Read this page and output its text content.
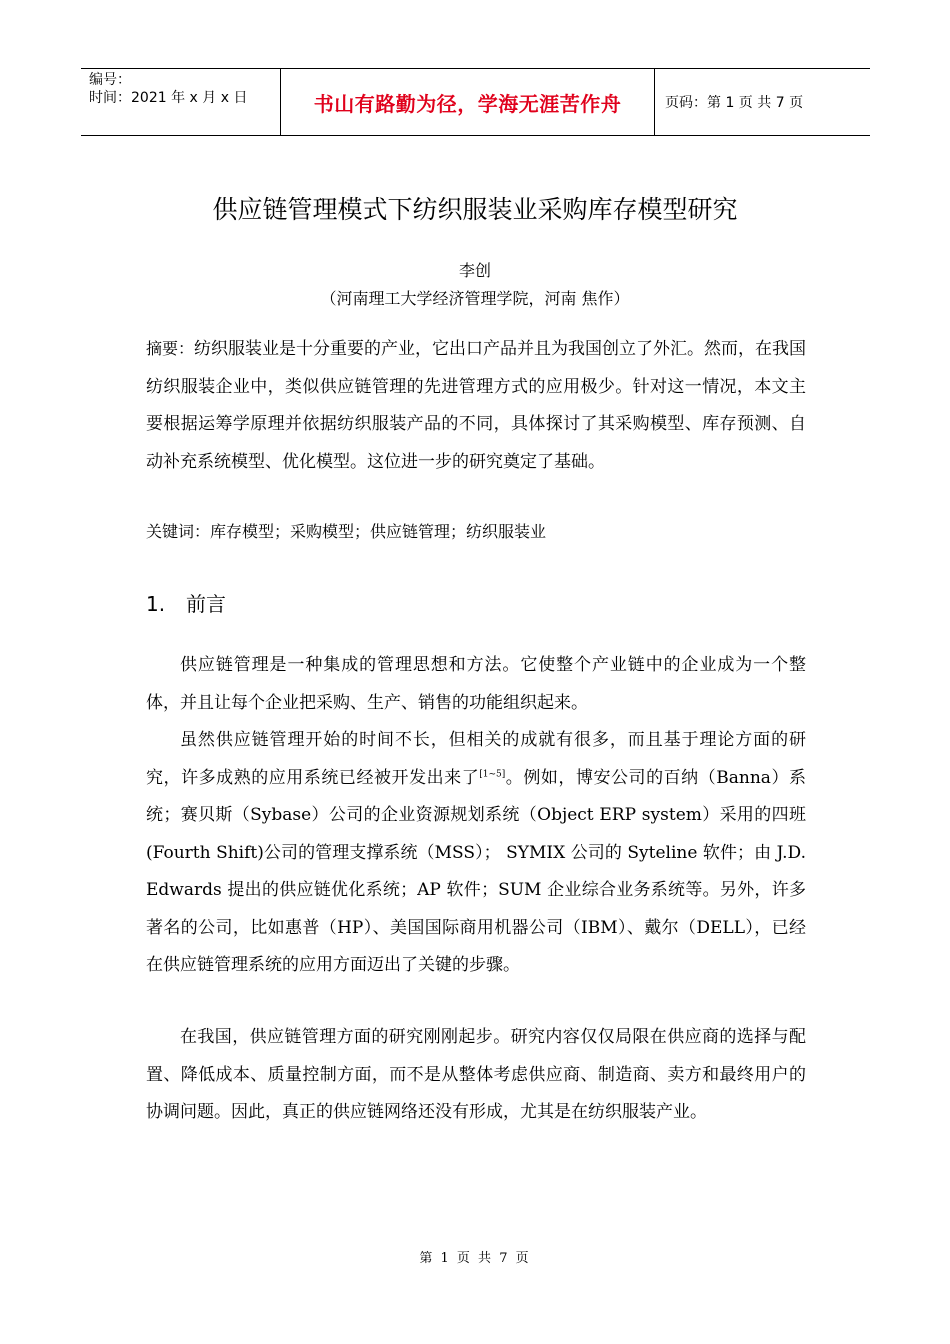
编号：
时间：2021 年 x 月 x 日	书山有路勤为径，学海无涯苦作舟	页码：第 1 页 共 7 页
供应链管理模式下纺织服装业采购库存模型研究
李创
（河南理工大学经济管理学院，河南 焦作）
摘要：纺织服装业是十分重要的产业，它出口产品并且为我国创立了外汇。然而，在我国纺织服装企业中，类似供应链管理的先进管理方式的应用极少。针对这一情况，本文主要根据运筹学原理并依据纺织服装产品的不同，具体探讨了其采购模型、库存预测、自动补充系统模型、优化模型。这位进一步的研究奠定了基础。
关键词：库存模型；采购模型；供应链管理；纺织服装业
1. 前言

供应链管理是一种集成的管理思想和方法。它使整个产业链中的企业成为一个整体，并且让每个企业把采购、生产、销售的功能组织起来。

虽然供应链管理开始的时间不长，但相关的成就有很多，而且基于理论方面的研究，许多成熟的应用系统已经被开发出来了[1~5]。例如，博安公司的百纳（Banna）系统；赛贝斯（Sybase）公司的企业资源规划系统（Object ERP system）采用的四班(Fourth Shift)公司的管理支撑系统（MSS）； SYMIX 公司的 Syteline 软件；由 J.D. Edwards 提出的供应链优化系统；AP 软件；SUM 企业综合业务系统等。另外，许多著名的公司，比如惠普（HP）、美国国际商用机器公司（IBM）、戴尔（DELL），已经在供应链管理系统的应用方面迈出了关键的步骤。

在我国，供应链管理方面的研究刚刚起步。研究内容仅仅局限在供应商的选择与配置、降低成本、质量控制方面，而不是从整体考虑供应商、制造商、卖方和最终用户的协调问题。因此，真正的供应链网络还没有形成，尤其是在纺织服装产业。

第 1 页 共 7 页
